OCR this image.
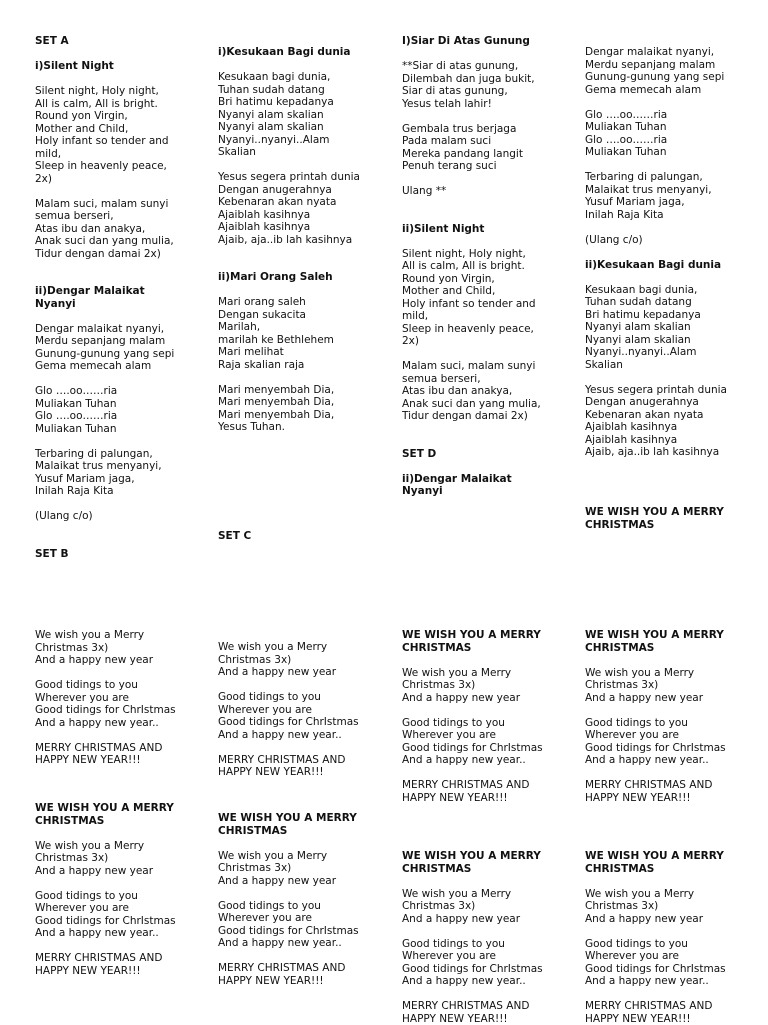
SET A
i)Silent Night
Silent night, Holy night,
All is calm, All is bright.
Round yon Virgin,
Mother and Child,
Holy infant so tender and
mild,
Sleep in heavenly peace,
2x)
Malam suci, malam sunyi
semua berseri,
Atas ibu dan anakya,
Anak suci dan yang mulia,
Tidur dengan damai 2x)
ii)Dengar Malaikat
Nyanyi
Dengar malaikat nyanyi,
Merdu sepanjang malam
Gunung-gunung yang sepi
Gema memecah alam
Glo ….oo……ria
Muliakan Tuhan
Glo ….oo……ria
Muliakan Tuhan
Terbaring di palungan,
Malaikat trus menyanyi,
Yusuf Mariam jaga,
Inilah Raja Kita
(Ulang c/o)
SET B
We wish you a Merry
Christmas 3x)
And a happy new year
Good tidings to you
Wherever you are
Good tidings for ChrIstmas
And a happy new year..
MERRY CHRISTMAS AND
HAPPY NEW YEAR!!!
WE WISH YOU A MERRY
CHRISTMAS
We wish you a Merry
Christmas 3x)
And a happy new year
Good tidings to you
Wherever you are
Good tidings for ChrIstmas
And a happy new year..
MERRY CHRISTMAS AND
HAPPY NEW YEAR!!!
i)Kesukaan Bagi dunia
Kesukaan bagi dunia,
Tuhan sudah datang
Bri hatimu kepadanya
Nyanyi alam skalian
Nyanyi alam skalian
Nyanyi..nyanyi..Alam
Skalian
Yesus segera printah dunia
Dengan anugerahnya
Kebenaran akan nyata
Ajaiblah kasihnya
Ajaiblah kasihnya
Ajaib, aja..ib lah kasihnya
ii)Mari Orang Saleh
Mari orang saleh
Dengan sukacita
Marilah,
marilah ke Bethlehem
Mari melihat
Raja skalian raja
Mari menyembah Dia,
Mari menyembah Dia,
Mari menyembah Dia,
Yesus Tuhan.
SET C
We wish you a Merry
Christmas 3x)
And a happy new year
Good tidings to you
Wherever you are
Good tidings for ChrIstmas
And a happy new year..
MERRY CHRISTMAS AND
HAPPY NEW YEAR!!!
WE WISH YOU A MERRY
CHRISTMAS
We wish you a Merry
Christmas 3x)
And a happy new year
Good tidings to you
Wherever you are
Good tidings for ChrIstmas
And a happy new year..
MERRY CHRISTMAS AND
HAPPY NEW YEAR!!!
I)Siar Di Atas Gunung
**Siar di atas gunung,
Dilembah dan juga bukit,
Siar di atas gunung,
Yesus telah lahir!
Gembala trus berjaga
Pada malam suci
Mereka pandang langit
Penuh terang suci
Ulang **
ii)Silent Night
Silent night, Holy night,
All is calm, All is bright.
Round yon Virgin,
Mother and Child,
Holy infant so tender and
mild,
Sleep in heavenly peace,
2x)
Malam suci, malam sunyi
semua berseri,
Atas ibu dan anakya,
Anak suci dan yang mulia,
Tidur dengan damai 2x)
SET D
ii)Dengar Malaikat
Nyanyi
WE WISH YOU A MERRY
CHRISTMAS
We wish you a Merry
Christmas 3x)
And a happy new year
Good tidings to you
Wherever you are
Good tidings for ChrIstmas
And a happy new year..
MERRY CHRISTMAS AND
HAPPY NEW YEAR!!!
WE WISH YOU A MERRY
CHRISTMAS
We wish you a Merry
Christmas 3x)
And a happy new year
Good tidings to you
Wherever you are
Good tidings for ChrIstmas
And a happy new year..
MERRY CHRISTMAS AND
HAPPY NEW YEAR!!!
Dengar malaikat nyanyi,
Merdu sepanjang malam
Gunung-gunung yang sepi
Gema memecah alam
Glo ….oo……ria
Muliakan Tuhan
Glo ….oo……ria
Muliakan Tuhan
Terbaring di palungan,
Malaikat trus menyanyi,
Yusuf Mariam jaga,
Inilah Raja Kita
(Ulang c/o)
ii)Kesukaan Bagi dunia
Kesukaan bagi dunia,
Tuhan sudah datang
Bri hatimu kepadanya
Nyanyi alam skalian
Nyanyi alam skalian
Nyanyi..nyanyi..Alam
Skalian
Yesus segera printah dunia
Dengan anugerahnya
Kebenaran akan nyata
Ajaiblah kasihnya
Ajaiblah kasihnya
Ajaib, aja..ib lah kasihnya
WE WISH YOU A MERRY
CHRISTMAS
WE WISH YOU A MERRY
CHRISTMAS
We wish you a Merry
Christmas 3x)
And a happy new year
Good tidings to you
Wherever you are
Good tidings for ChrIstmas
And a happy new year..
MERRY CHRISTMAS AND
HAPPY NEW YEAR!!!
WE WISH YOU A MERRY
CHRISTMAS
We wish you a Merry
Christmas 3x)
And a happy new year
Good tidings to you
Wherever you are
Good tidings for ChrIstmas
And a happy new year..
MERRY CHRISTMAS AND
HAPPY NEW YEAR!!!
